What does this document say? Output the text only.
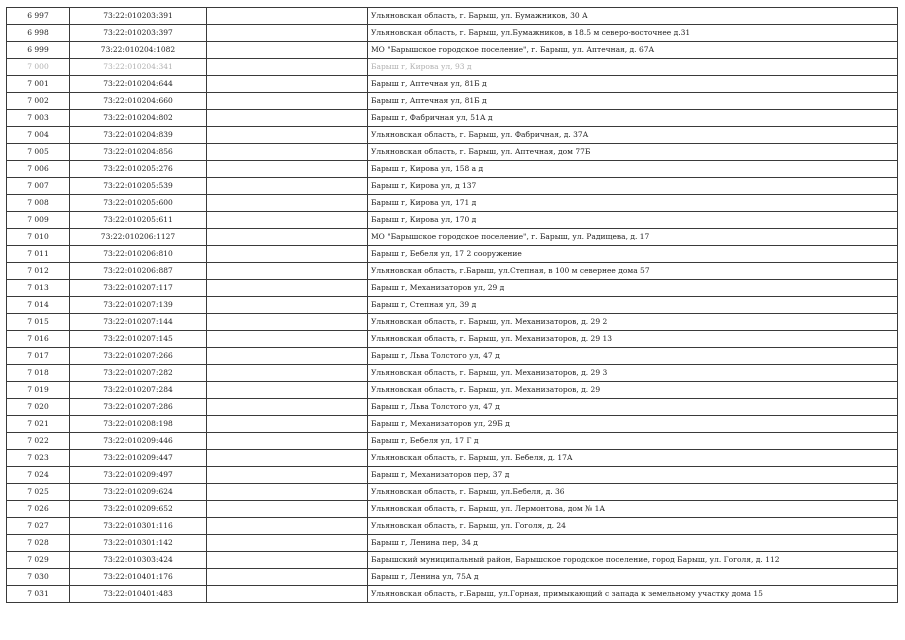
6 997	73:22:010203:391		Ульяновская область, г. Барыш, ул. Бумажников, 30 А
6 998	73:22:010203:397		Ульяновская область, г. Барыш, ул.Бумажников, в 18.5 м северо-восточнее д.31
6 999	73:22:010204:1082		МО "Барышское городское поселение", г. Барыш, ул. Аптечная, д. 67А
7 000	73:22:010204:341		Барыш г, Кирова ул, 93 д
7 001	73:22:010204:644		Барыш г, Аптечная ул, 81Б д
7 002	73:22:010204:660		Барыш г, Аптечная ул, 81Б д
7 003	73:22:010204:802		Барыш г, Фабричная ул, 51А д
7 004	73:22:010204:839		Ульяновская область, г. Барыш, ул. Фабричная, д. 37А
7 005	73:22:010204:856		Ульяновская область, г. Барыш, ул. Аптечная, дом 77Б
7 006	73:22:010205:276		Барыш г, Кирова ул, 158 а д
7 007	73:22:010205:539		Барыш г, Кирова ул, д 137
7 008	73:22:010205:600		Барыш г, Кирова ул, 171 д
7 009	73:22:010205:611		Барыш г, Кирова ул, 170 д
7 010	73:22:010206:1127		МО "Барышское городское поселение", г. Барыш, ул. Радищева, д. 17
7 011	73:22:010206:810		Барыш г, Бебеля ул, 17 2 сооружение
7 012	73:22:010206:887		Ульяновская область, г.Барыш, ул.Степная, в 100 м севернее дома 57
7 013	73:22:010207:117		Барыш г, Механизаторов ул, 29 д
7 014	73:22:010207:139		Барыш г, Степная ул, 39 д
7 015	73:22:010207:144		Ульяновская область, г. Барыш, ул. Механизаторов, д. 29 2
7 016	73:22:010207:145		Ульяновская область, г. Барыш, ул. Механизаторов, д. 29 13
7 017	73:22:010207:266		Барыш г, Льва Толстого ул, 47 д
7 018	73:22:010207:282		Ульяновская область, г. Барыш, ул. Механизаторов, д. 29 3
7 019	73:22:010207:284		Ульяновская область, г. Барыш, ул. Механизаторов, д. 29
7 020	73:22:010207:286		Барыш г, Льва Толстого ул, 47 д
7 021	73:22:010208:198		Барыш г, Механизаторов ул, 29Б д
7 022	73:22:010209:446		Барыш г, Бебеля ул, 17 Г д
7 023	73:22:010209:447		Ульяновская область, г. Барыш, ул. Бебеля, д. 17А
7 024	73:22:010209:497		Барыш г, Механизаторов пер, 37 д
7 025	73:22:010209:624		Ульяновская область, г. Барыш, ул.Бебеля, д. 36
7 026	73:22:010209:652		Ульяновская область, г. Барыш, ул. Лермонтова, дом № 1А
7 027	73:22:010301:116		Ульяновская область, г. Барыш, ул. Гоголя, д. 24
7 028	73:22:010301:142		Барыш г, Ленина пер, 34 д
7 029	73:22:010303:424		Барышский муниципальный район, Барышское городское поселение, город Барыш, ул. Гоголя, д. 112
7 030	73:22:010401:176		Барыш г, Ленина ул, 75А д
7 031	73:22:010401:483		Ульяновская область, г.Барыш, ул.Горная, примыкающий с запада к земельному участку дома 15
